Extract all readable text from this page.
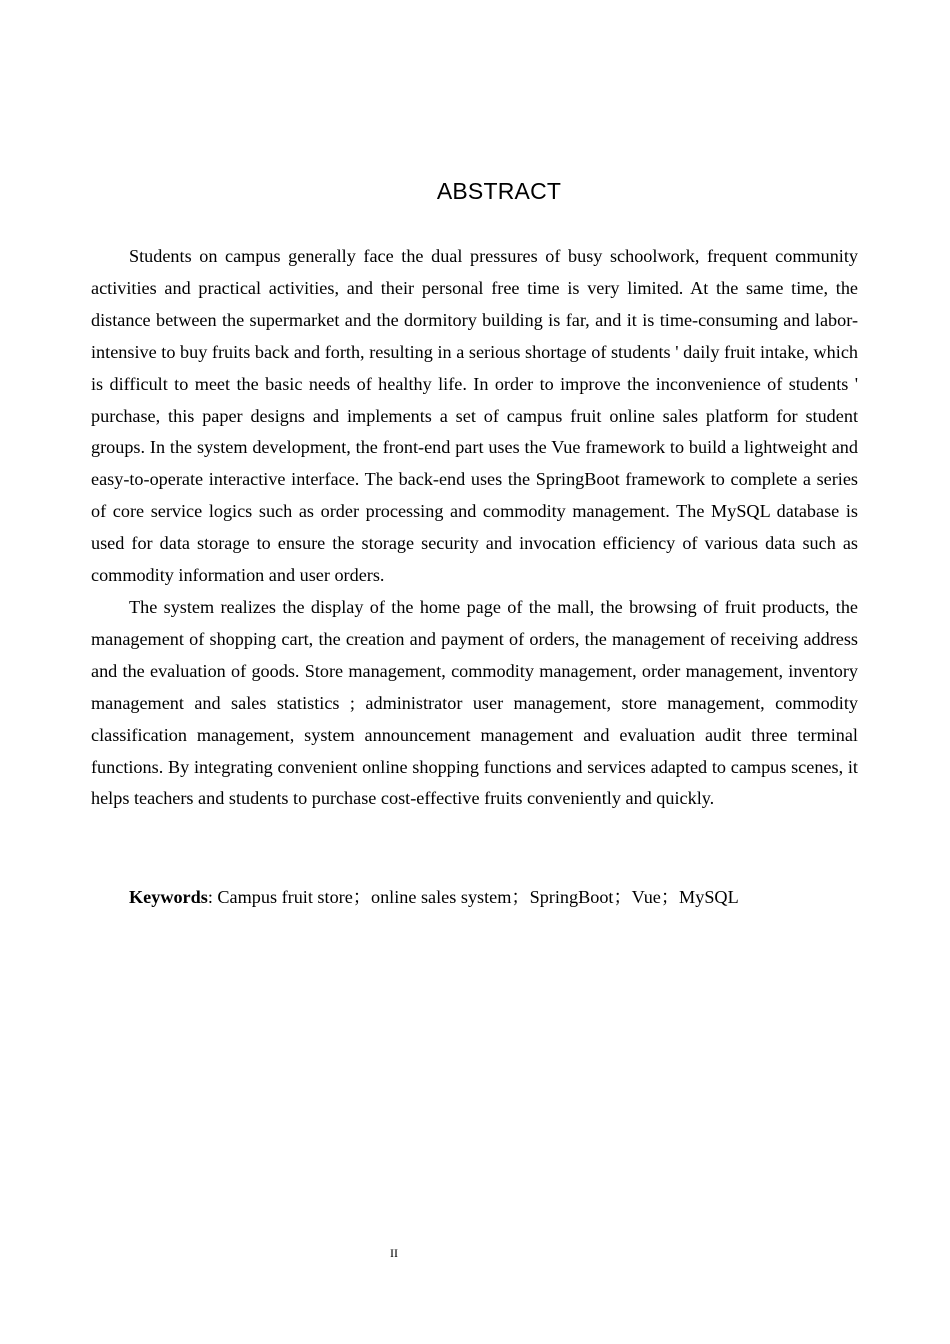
ABSTRACT

Students on campus generally face the dual pressures of busy schoolwork, frequent community activities and practical activities, and their personal free time is very limited. At the same time, the distance between the supermarket and the dormitory building is far, and it is time-consuming and labor-intensive to buy fruits back and forth, resulting in a serious shortage of students ' daily fruit intake, which is difficult to meet the basic needs of healthy life. In order to improve the inconvenience of students ' purchase, this paper designs and implements a set of campus fruit online sales platform for student groups. In the system development, the front-end part uses the Vue framework to build a lightweight and easy-to-operate interactive interface. The back-end uses the SpringBoot framework to complete a series of core service logics such as order processing and commodity management. The MySQL database is used for data storage to ensure the storage security and invocation efficiency of various data such as commodity information and user orders.

The system realizes the display of the home page of the mall, the browsing of fruit products, the management of shopping cart, the creation and payment of orders, the management of receiving address and the evaluation of goods. Store management, commodity management, order management, inventory management and sales statistics ; administrator user management, store management, commodity classification management, system announcement management and evaluation audit three terminal functions. By integrating convenient online shopping functions and services adapted to campus scenes, it helps teachers and students to purchase cost-effective fruits conveniently and quickly.

Keywords: Campus fruit store；online sales system；SpringBoot；Vue；MySQL
II
